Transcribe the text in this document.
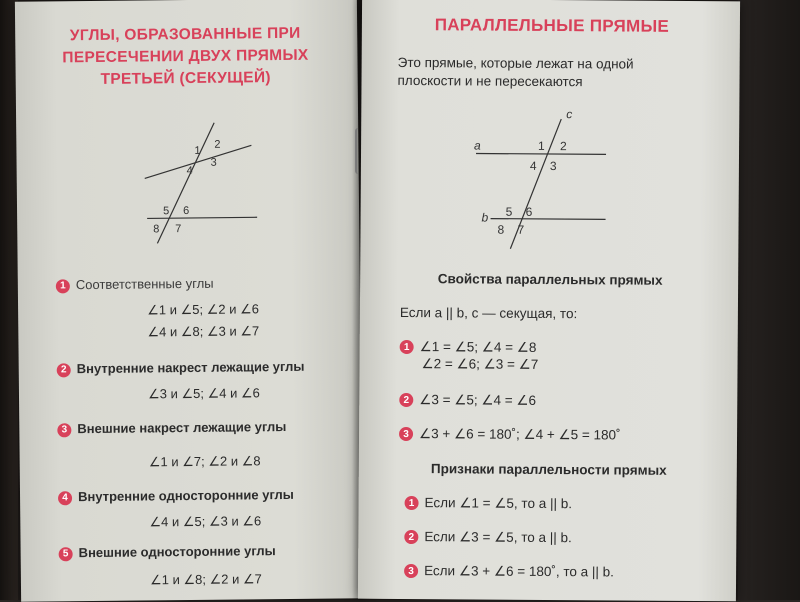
УГЛЫ, ОБРАЗОВАННЫЕ ПРИ ПЕРЕСЕЧЕНИИ ДВУХ ПРЯМЫХ ТРЕТЬЕЙ (СЕКУЩЕЙ)
1
2
3
4
5 6
8 7
1 Соответственные углы
∠1 и ∠5; ∠2 и ∠6
∠4 и ∠8; ∠3 и ∠7
2 Внутренние накрест лежащие углы
∠3 и ∠5; ∠4 и ∠6
3 Внешние накрест лежащие углы
∠1 и ∠7; ∠2 и ∠8
4 Внутренние односторонние углы
∠4 и ∠5; ∠3 и ∠6
5 Внешние односторонние углы
∠1 и ∠8; ∠2 и ∠7
ПАРАЛЛЕЛЬНЫЕ ПРЯМЫЕ
Это прямые, которые лежат на одной
плоскости и не пересекаются
a
b
c
1 2
3
4
5 6
8 7
Свойства параллельных прямых
Если a || b, c — секущая, то:
1 ∠1 = ∠5; ∠4 = ∠8
∠2 = ∠6; ∠3 = ∠7
2 ∠3 = ∠5; ∠4 = ∠6
3 ∠3 + ∠6 = 180˚; ∠4 + ∠5 = 180˚
Признаки параллельности прямых
1 Если ∠1 = ∠5, то a || b.
2 Если ∠3 = ∠5, то a || b.
3 Если ∠3 + ∠6 = 180˚, то a || b.
